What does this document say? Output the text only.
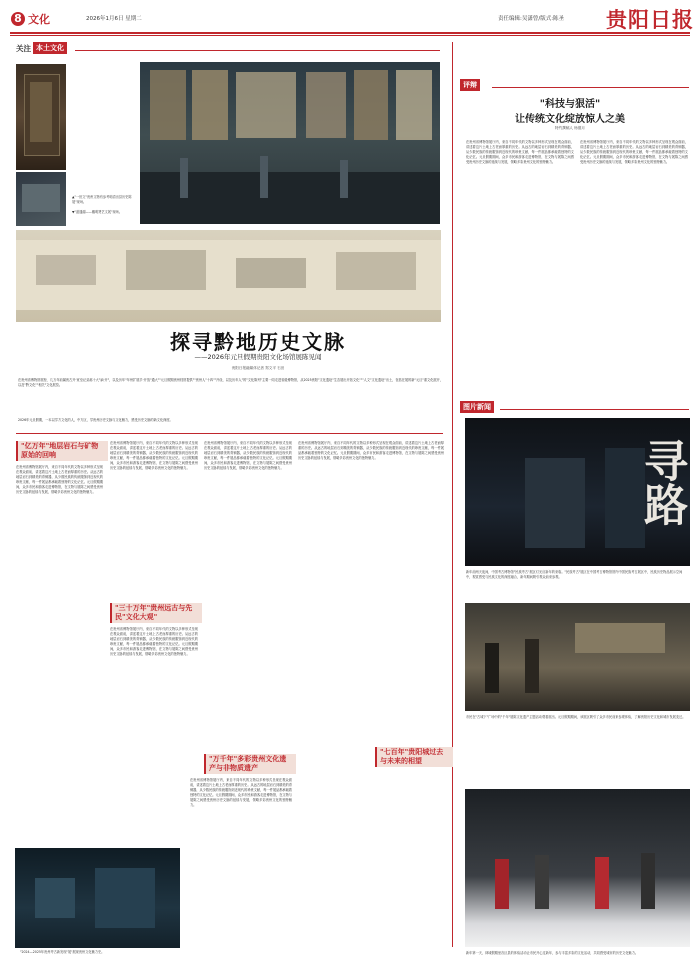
8 文化	2026年1月6日 星期二	责任编辑:吴潇曾/版式:陈圣 贵阳日报
关注 本土文化
▲"一世文"贵州文物有参考明清出县历史陈展"现场。
▼"道通湖——戴明贤艺文展"现场。
探寻黔地历史文脉
——2026年元旦假期贵阳文化场馆展陈见闻
贵阳日报融媒体记者 郑文平 石田
在贵州省博物馆展柜、几万年前属贵古开·宽至记录郝十大"扇·开"，以及历年"年州扩展手·开放"通大""元旦假期贵州档馆提供""贵州人"十四""开设，以及历年人"的"文化陈列"主要一同走进省级博物馆，从2025贵阳"文化遗址"生态展出开拓文化"""人文"文化遗址"出土，包括在展的新"元旦"重文化展开，以及"黔文化""相关"文化展览。
2026年元旦假期，一本以学方文化的人，中方区，学贵州历史文脉与文化魅力，感受历史文脉的新文化深度。
"亿万年"地层岩石与矿物原始的回响
在贵州省博物馆展厅内，来自不同年代的文物以多种形式呈现在观众面前，讲述着这片土地上古老而厚重的历史。从远古的地层岩石到精美的青铜器，从少数民族的传统服饰到近现代的珍贵文献，每一件展品都承载着独特的文化记忆。元旦假期期间，众多市民和游客走进博物馆，在文物与展陈之间感受贵州历史文脉的延续与发展，领略多彩贵州文化的独特魅力。
"2024—2025年贵州考古新发现"展"展现贵州文化魅力史。
在贵州省博物馆展厅内，来自不同年代的文物以多种形式呈现在观众面前，讲述着这片土地上古老而厚重的历史。从远古的地层岩石到精美的青铜器，从少数民族的传统服饰到近现代的珍贵文献，每一件展品都承载着独特的文化记忆。元旦假期期间，众多市民和游客走进博物馆，在文物与展陈之间感受贵州历史文脉的延续与发展，领略多彩贵州文化的独特魅力。
"三十万年"贵州远古与先民"文化大观"
在贵州省博物馆展厅内，来自不同年代的文物以多种形式呈现在观众面前，讲述着这片土地上古老而厚重的历史。从远古的地层岩石到精美的青铜器，从少数民族的传统服饰到近现代的珍贵文献，每一件展品都承载着独特的文化记忆。元旦假期期间，众多市民和游客走进博物馆，在文物与展陈之间感受贵州历史文脉的延续与发展，领略多彩贵州文化的独特魅力。
在贵州省博物馆展厅内，来自不同年代的文物以多种形式呈现在观众面前，讲述着这片土地上古老而厚重的历史。从远古的地层岩石到精美的青铜器，从少数民族的传统服饰到近现代的珍贵文献，每一件展品都承载着独特的文化记忆。元旦假期期间，众多市民和游客走进博物馆，在文物与展陈之间感受贵州历史文脉的延续与发展，领略多彩贵州文化的独特魅力。
"万千年"多彩贵州文化遗产与非物质遗产
在贵州省博物馆展厅内，来自不同年代的文物以多种形式呈现在观众面前，讲述着这片土地上古老而厚重的历史。从远古的地层岩石到精美的青铜器，从少数民族的传统服饰到近现代的珍贵文献，每一件展品都承载着独特的文化记忆。元旦假期期间，众多市民和游客走进博物馆，在文物与展陈之间感受贵州历史文脉的延续与发展，领略多彩贵州文化的独特魅力。
在贵州省博物馆展厅内，来自不同年代的文物以多种形式呈现在观众面前，讲述着这片土地上古老而厚重的历史。从远古的地层岩石到精美的青铜器，从少数民族的传统服饰到近现代的珍贵文献，每一件展品都承载着独特的文化记忆。元旦假期期间，众多市民和游客走进博物馆，在文物与展陈之间感受贵州历史文脉的延续与发展，领略多彩贵州文化的独特魅力。
评辩
"科技与狠活"
让传统文化绽放惊人之美
特约撰稿人 杨德月
在贵州省博物馆展厅内，来自不同年代的文物以多种形式呈现在观众面前，讲述着这片土地上古老而厚重的历史。从远古的地层岩石到精美的青铜器，从少数民族的传统服饰到近现代的珍贵文献，每一件展品都承载着独特的文化记忆。元旦假期期间，众多市民和游客走进博物馆，在文物与展陈之间感受贵州历史文脉的延续与发展，领略多彩贵州文化的独特魅力。
在贵州省博物馆展厅内，来自不同年代的文物以多种形式呈现在观众面前，讲述着这片土地上古老而厚重的历史。从远古的地层岩石到精美的青铜器，从少数民族的传统服饰到近现代的珍贵文献，每一件展品都承载着独特的文化记忆。元旦假期期间，众多市民和游客走进博物馆，在文物与展陈之间感受贵州历史文脉的延续与发展，领略多彩贵州文化的独特魅力。
图片新闻
寻路
新年前两天夜间，中国考古博物馆"民族考古"展区灯光应新年的来临。"民族考古"展区在中国考古博物馆馆内中国民族考古展区中，民族历史物品展示空间中，观赏感受与民族文化的深度融合，新年期间吸引观众前来参观。
市民在"古城下"广场中的"千年"展陈文化遗产主题活动观看展出。元旦假期期间，该展区吸引了众多市民前来参观体验，了解贵阳历史文化和城市发展变迁。
新年第一天，林城假期里各区县的体验活动让市民开心过新年，参与丰富多彩的文化活动，共同感受城市的历史文化魅力。
"七百年"贵阳城过去与未来的相望
